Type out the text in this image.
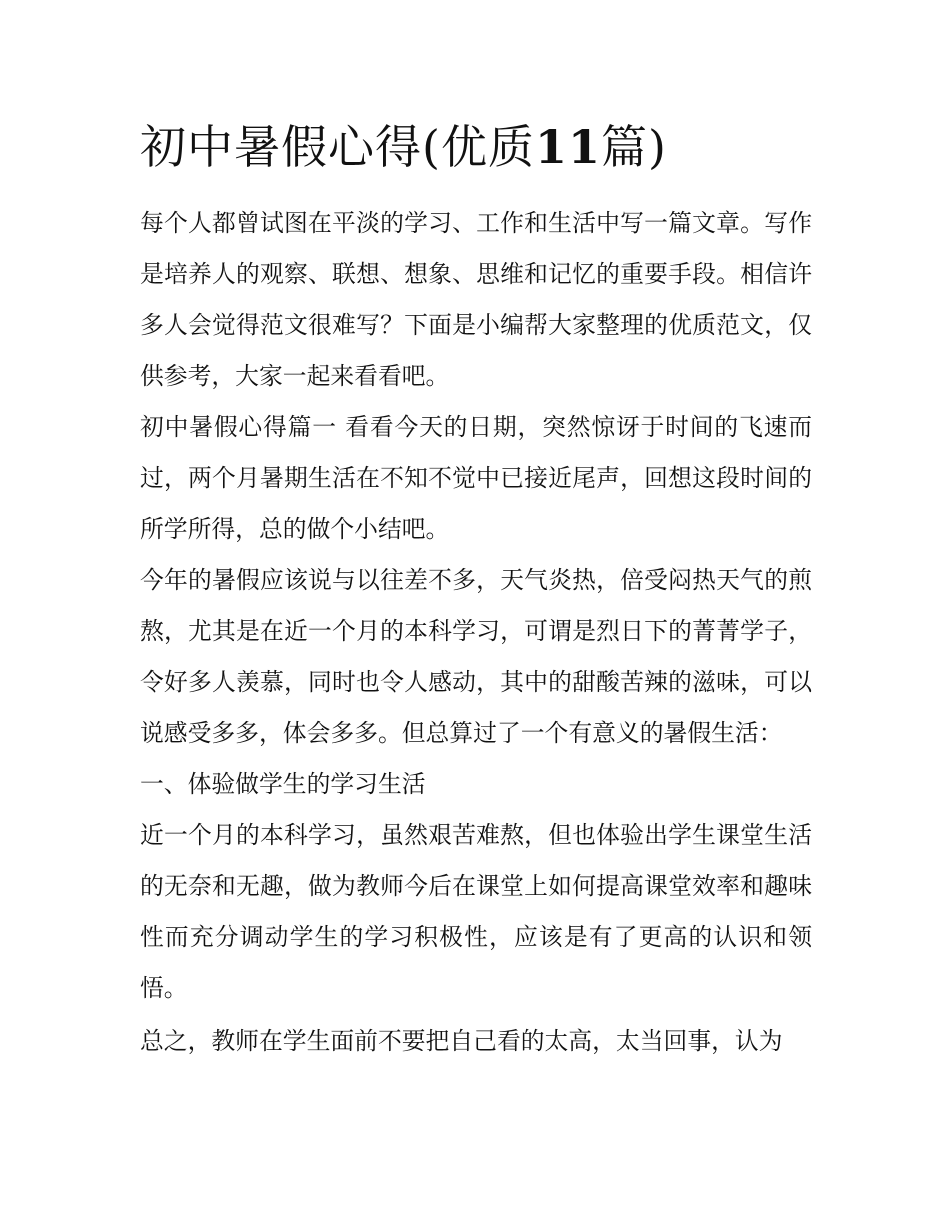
初中暑假心得(优质11篇)

每个人都曾试图在平淡的学习、工作和生活中写一篇文章。写作是培养人的观察、联想、想象、思维和记忆的重要手段。相信许多人会觉得范文很难写？下面是小编帮大家整理的优质范文，仅供参考，大家一起来看看吧。

初中暑假心得篇一 看看今天的日期，突然惊讶于时间的飞速而过，两个月暑期生活在不知不觉中已接近尾声，回想这段时间的所学所得，总的做个小结吧。

今年的暑假应该说与以往差不多，天气炎热，倍受闷热天气的煎熬，尤其是在近一个月的本科学习，可谓是烈日下的菁菁学子，令好多人羡慕，同时也令人感动，其中的甜酸苦辣的滋味，可以说感受多多，体会多多。但总算过了一个有意义的暑假生活：

一、体验做学生的学习生活

近一个月的本科学习，虽然艰苦难熬，但也体验出学生课堂生活的无奈和无趣，做为教师今后在课堂上如何提高课堂效率和趣味性而充分调动学生的学习积极性，应该是有了更高的认识和领悟。

总之，教师在学生面前不要把自己看的太高，太当回事，认为
